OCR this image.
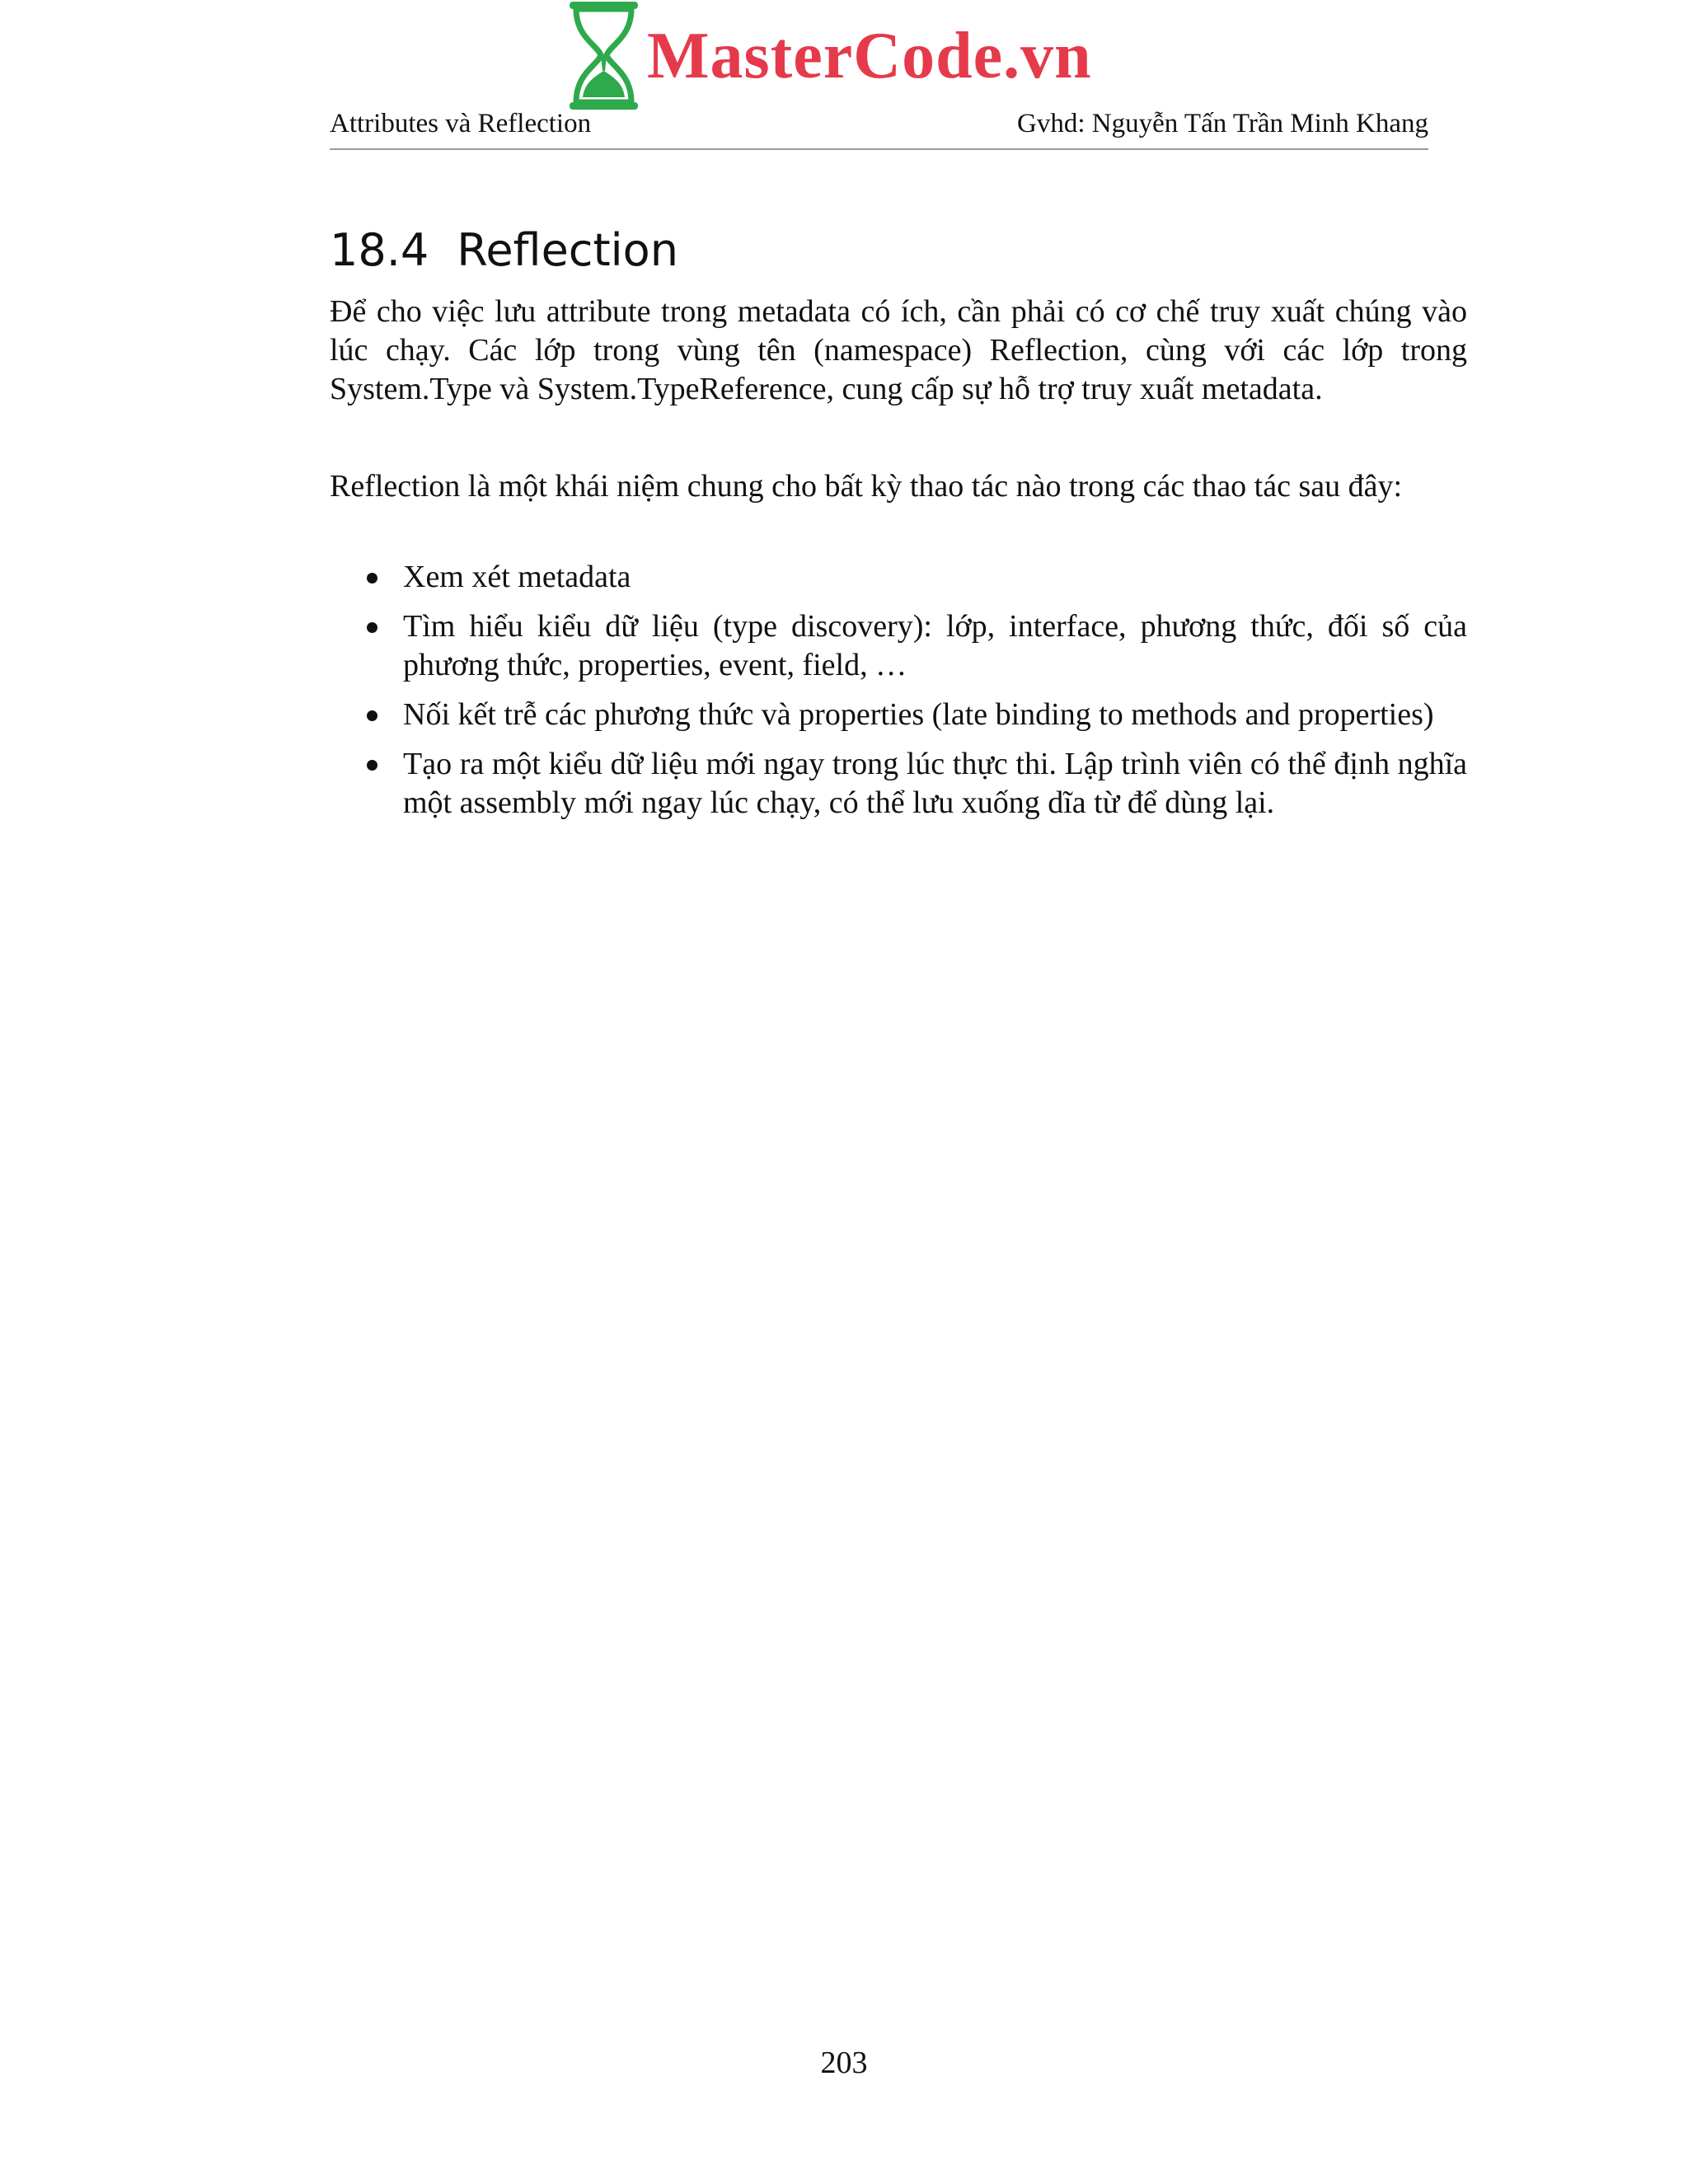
MasterCode.vn
Attributes và Reflection	Gvhd: Nguyễn Tấn Trần Minh Khang
18.4 Reflection

Để cho việc lưu attribute trong metadata có ích, cần phải có cơ chế truy xuất chúng vào lúc chạy. Các lớp trong vùng tên (namespace) Reflection, cùng với các lớp trong System.Type và System.TypeReference, cung cấp sự hỗ trợ truy xuất metadata.

Reflection là một khái niệm chung cho bất kỳ thao tác nào trong các thao tác sau đây:

Xem xét metadata
Tìm hiểu kiểu dữ liệu (type discovery): lớp, interface, phương thức, đối số của phương thức, properties, event, field, …
Nối kết trễ các phương thức và properties (late binding to methods and properties)
Tạo ra một kiểu dữ liệu mới ngay trong lúc thực thi. Lập trình viên có thể định nghĩa một assembly mới ngay lúc chạy, có thể lưu xuống dĩa từ để dùng lại.
203
